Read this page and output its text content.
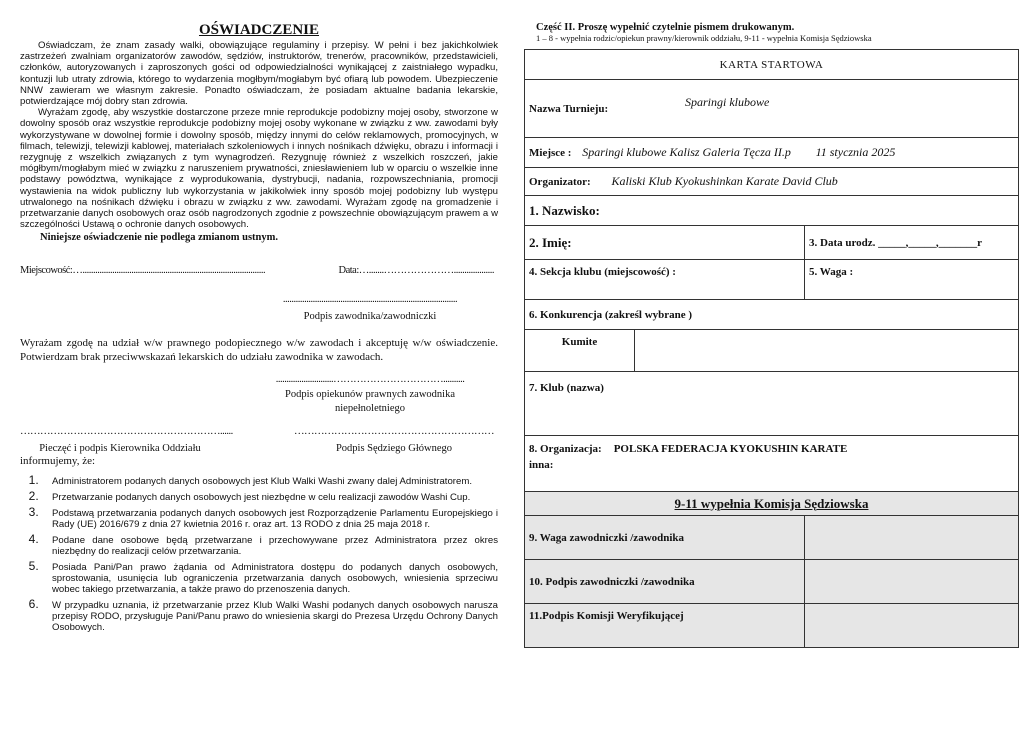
OŚWIADCZENIE

Oświadczam, że znam zasady walki, obowiązujące regulaminy i przepisy. W pełni i bez jakichkolwiek zastrzeżeń zwalniam organizatorów zawodów, sędziów, instruktorów, trenerów, pracowników, przedstawicieli, członków, autoryzowanych i zaproszonych gości od odpowiedzialności wynikającej z zaistniałego wypadku, kontuzji lub utraty zdrowia, którego to wydarzenia mogłbym/mogłabym być ofiarą lub powodem. Ubezpieczenie NNW zawieram we własnym zakresie. Ponadto oświadczam, że posiadam aktualne badania lekarskie, potwierdzające mój dobry stan zdrowia.

Wyrażam zgodę, aby wszystkie dostarczone przeze mnie reprodukcje podobizny mojej osoby, stworzone w dowolny sposób oraz wszystkie reprodukcje podobizny mojej osoby wykonane w związku z ww. zawodami były wykorzystywane w dowolnej formie i dowolny sposób, między innymi do celów reklamowych, promocyjnych, w filmach, telewizji, telewizji kablowej, materiałach szkoleniowych i innych nośnikach dźwięku, obrazu i informacji i rezygnuję z wszelkich związanych z tym wynagrodzeń. Rezygnuję również z wszelkich roszczeń, jakie mógłbym/mogłabym mieć w związku z naruszeniem prywatności, zniesławieniem lub w oparciu o wszelkie inne podstawy powództwa, wynikające z wyprodukowania, dystrybucji, nadania, rozpowszechniania, promocji wystawienia na widok publiczny lub wykorzystania w jakikolwiek inny sposób mojej podobizny lub występu utrwalonego na nośnikach dźwięku i obrazu w związku z ww. zawodami. Wyrażam zgodę na gromadzenie i przetwarzanie danych osobowych oraz osób nagrodzonych zgodnie z powszechnie obowiązującym prawem a w szczególności Ustawą o ochronie danych osobowych.

Niniejsze oświadczenie nie podlega zmianom ustnym.
Miejscowość:…......................................................................................	Data:….......…………………...................
..................................................................................
Podpis zawodnika/zawodniczki

Wyrażam zgodę na udział w/w prawnego podopiecznego w/w zawodach i akceptuję w/w oświadczenie. Potwierdzam brak przeciwwskazań lekarskich do udziału zawodnika w zawodach.

...........................……………………………..........
Podpis opiekunów prawnych zawodnika
niepełnoletniego
……………………………………………………......
Pieczęć i podpis Kierownika Oddziału
……………………………………………………
Podpis Sędziego Głównego
informujemy, że:
1. Administratorem podanych danych osobowych jest Klub Walki Washi zwany dalej Administratorem.
2. Przetwarzanie podanych danych osobowych jest niezbędne w celu realizacji zawodów Washi Cup.
3. Podstawą przetwarzania podanych danych osobowych jest Rozporządzenie Parlamentu Europejskiego i Rady (UE) 2016/679 z dnia 27 kwietnia 2016 r. oraz art. 13 RODO z dnia 25 maja 2018 r.
4. Podane dane osobowe będą przetwarzane i przechowywane przez Administratora przez okres niezbędny do realizacji celów przetwarzania.
5. Posiada Pani/Pan prawo żądania od Administratora dostępu do podanych danych osobowych, sprostowania, usunięcia lub ograniczenia przetwarzania danych osobowych, wniesienia sprzeciwu wobec takiego przetwarzania, a także prawo do przenoszenia danych.
6. W przypadku uznania, iż przetwarzanie przez Klub Walki Washi podanych danych osobowych narusza przepisy RODO, przysługuje Pani/Panu prawo do wniesienia skargi do Prezesa Urzędu Ochrony Danych Osobowych.
Część II. Proszę wypełnić czytelnie pismem drukowanym.
1 – 8 - wypełnia rodzic/opiekun prawny/kierownik oddziału, 9-11 - wypełnia Komisja Sędziowska
KARTA STARTOWA		
Nazwa Turnieju: Sparingi klubowe		
Miejsce : Sparingi klubowe Kalisz Galeria Tęcza II.p 11 stycznia 2025		
Organizator: Kaliski Klub Kyokushinkan Karate David Club		
1. Nazwisko:		
2. Imię:		3. Data urodz. _____,_____,_______r
4. Sekcja klubu (miejscowość) :		5. Waga :
6. Konkurencja (zakreśl wybrane )		
Kumite		
7. Klub (nazwa)		

8. Organizacja: POLSKA FEDERACJA KYOKUSHIN KARATE
inna:		

9-11 wypełnia Komisja Sędziowska		
9. Waga zawodniczki /zawodnika		
10. Podpis zawodniczki /zawodnika		
11.Podpis Komisji Weryfikującej		
